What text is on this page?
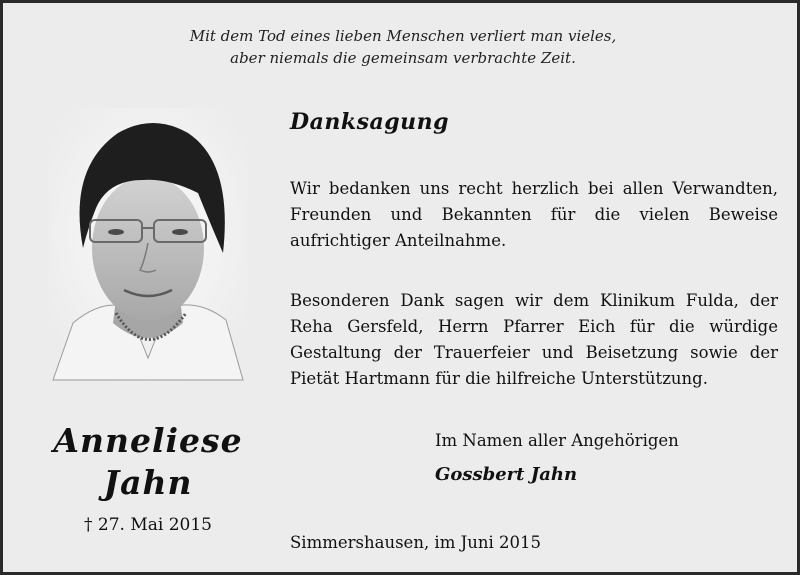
Mit dem Tod eines lieben Menschen verliert man vieles,
aber niemals die gemeinsam verbrachte Zeit.
Danksagung
Wir bedanken uns recht herzlich bei allen Verwandten, Freunden und Bekannten für die vielen Beweise aufrichtiger Anteilnahme.
Besonderen Dank sagen wir dem Klinikum Fulda, der Reha Gersfeld, Herrn Pfarrer Eich für die würdige Gestaltung der Trauerfeier und Beisetzung sowie der Pietät Hartmann für die hilfreiche Unterstützung.
Anneliese
Jahn
† 27. Mai 2015
Im Namen aller Angehörigen
Gossbert Jahn
Simmershausen, im Juni 2015
